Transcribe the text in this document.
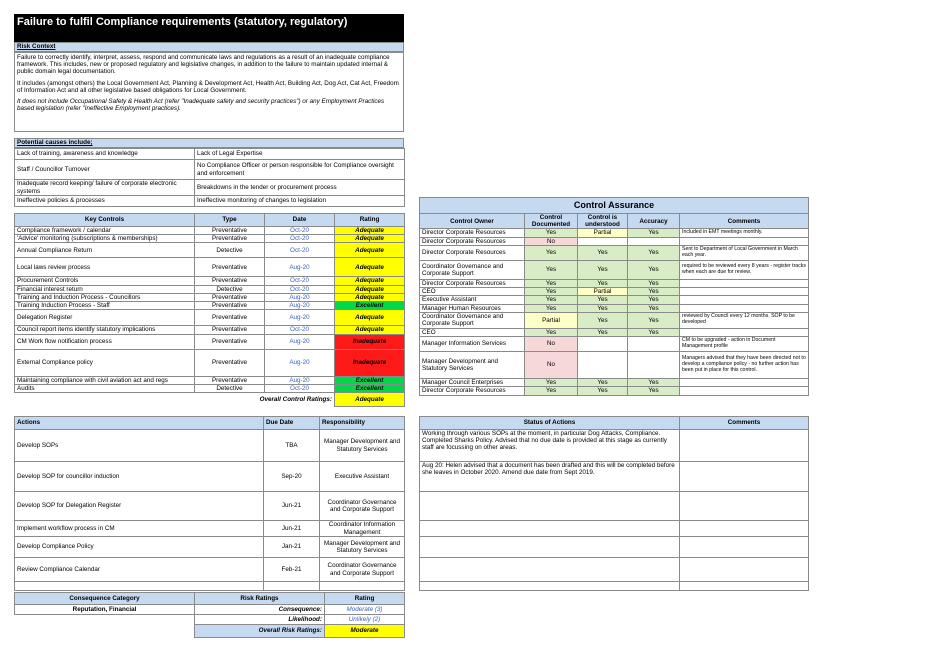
Failure to fulfil Compliance requirements (statutory, regulatory)
Risk Context

Failure to correctly identify, interpret, assess, respond and communicate laws and regulations as a result of an inadequate compliance framework. This includes, new or proposed regulatory and legislative changes, in addition to the failure to maintain updated internal & public domain legal documentation.

It includes (amongst others) the Local Government Act, Planning & Development Act, Health Act, Building Act, Dog Act, Cat Act, Freedom of Information Act and all other legislative based obligations for Local Government.

It does not include Occupational Safety & Health Act (refer "Inadequate safety and security practices") or any Employment Practices based legislation (refer "Ineffective Employment practices).

Potential causes include;
Lack of training, awareness and knowledge	Lack of Legal Expertise
Staff / Councillor Turnover	No Compliance Officer or person responsible for Compliance oversight and enforcement
Inadequate record keeping/ failure of corporate electronic systems	Breakdowns in the tender or procurement process
Ineffective policies & processes	Ineffective monitoring of changes to legislation
Key Controls	Type	Date	Rating
Compliance framework / calendar	Preventative	Oct-20	Adequate
'Advice' monitoring (subscriptions & memberships)	Preventative	Oct-20	Adequate
Annual Compliance Return	Detective	Oct-20	Adequate
Local laws review process	Preventative	Aug-20	Adequate
Procurement Controls	Preventative	Oct-20	Adequate
Financial interest return	Detective	Oct-20	Adequate
Training and Induction Process - Councillors	Preventative	Aug-20	Adequate
Training Induction Process - Staff	Preventative	Aug-20	Excellent
Delegation Register	Preventative	Aug-20	Adequate
Council report items identify statutory implications	Preventative	Oct-20	Adequate
CM Work flow notification process	Preventative	Aug-20	Inadequate
External Compliance policy	Preventative	Aug-20	Inadequate
Maintaining compliance with civil aviation act and regs	Preventative	Aug-20	Excellent
Audits	Detective	Oct-20	Excellent
Overall Control Ratings:			Adequate
Control Assurance				
Control Owner	Control Documented	Control is understood	Accuracy	Comments
Director Corporate Resources	Yes	Partial	Yes	Included in EMT meetings monthly.
Director Corporate Resources	No			
Director Corporate Resources	Yes	Yes	Yes	Sent to Department of Local Government in March each year.
Coordinator Governance and Corporate Support	Yes	Yes	Yes	required to be reviewed every 8 years - register tracks when each are due for review.
Director Corporate Resources	Yes	Yes	Yes	
CEO	Yes	Partial	Yes	
Executive Assistant	Yes	Yes	Yes	
Manager Human Resources	Yes	Yes	Yes	
Coordinator Governance and Corporate Support	Partial	Yes	Yes	reviewed by Council every 12 months. SOP to be developed
CEO	Yes	Yes	Yes	
Manager Information Services	No			CM to be upgraded - action in Document Management profile
Manager Development and Statutory Services	No			Managers advised that they have been directed not to develop a compliance policy - no further action has been put in place for this control.
Manager Council Enterprises	Yes	Yes	Yes	
Director Corporate Resources	Yes	Yes	Yes	
Actions	Due Date	Responsibility
Develop SOPs	TBA	Manager Development and Statutory Services
Develop SOP for councillor induction	Sep-20	Executive Assistant
Develop SOP for Delegation Register	Jun-21	Coordinator Governance and Corporate Support
Implement workflow process in CM	Jun-21	Coordinator Information Management
Develop Compliance Policy	Jan-21	Manager Development and Statutory Services
Review Compliance Calendar	Feb-21	Coordinator Governance and Corporate Support

Status of Actions	Comments
Working through various SOPs at the moment, in particular Dog Attacks, Compliance. Completed Sharks Policy. Advised that no due date is provided at this stage as currently staff are focussing on other areas.	
Aug 20: Helen advised that a document has been drafted and this will be completed before she leaves in October 2020. Amend due date from Sept 2019.	

Consequence Category	Risk Ratings	Rating
Reputation, Financial	Consequence:	Moderate (3)
	Likelihood:	Unlikely (2)
	Overall Risk Ratings:	Moderate
